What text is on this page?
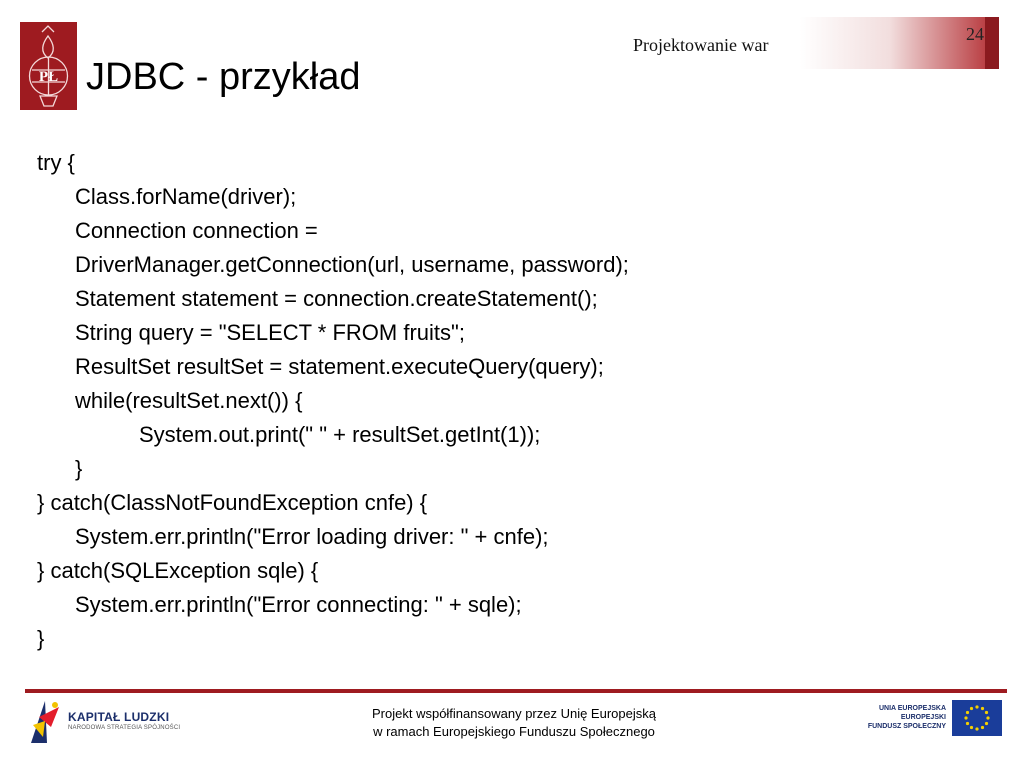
24
Projektowanie war
PŁ JDBC - przykład
try {
Class.forName(driver);
Connection connection =
DriverManager.getConnection(url, username, password);
Statement statement = connection.createStatement();
String query = "SELECT * FROM fruits";
ResultSet resultSet = statement.executeQuery(query);
while(resultSet.next()) {
System.out.print(" " + resultSet.getInt(1));
}
} catch(ClassNotFoundException cnfe) {
System.err.println("Error loading driver: " + cnfe);
} catch(SQLException sqle) {
System.err.println("Error connecting: " + sqle);
}
KAPITAŁ LUDZKI
NARODOWA STRATEGIA SPÓJNOŚCI
Projekt współfinansowany przez Unię Europejską
w ramach Europejskiego Funduszu Społecznego
UNIA EUROPEJSKA
EUROPEJSKI
FUNDUSZ SPOŁECZNY
